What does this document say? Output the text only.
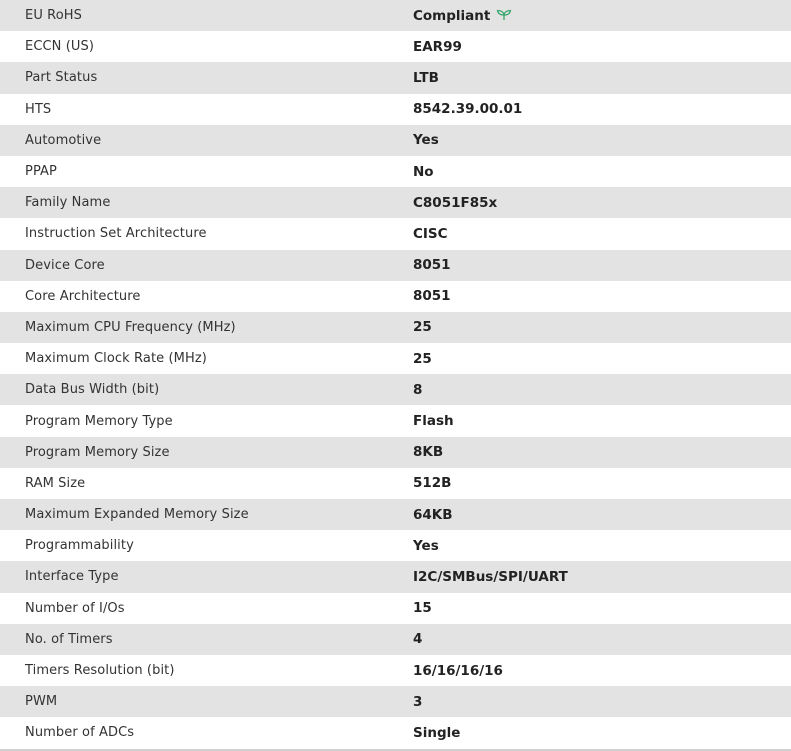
EU RoHS	Compliant
ECCN (US)	EAR99
Part Status	LTB
HTS	8542.39.00.01
Automotive	Yes
PPAP	No
Family Name	C8051F85x
Instruction Set Architecture	CISC
Device Core	8051
Core Architecture	8051
Maximum CPU Frequency (MHz)	25
Maximum Clock Rate (MHz)	25
Data Bus Width (bit)	8
Program Memory Type	Flash
Program Memory Size	8KB
RAM Size	512B
Maximum Expanded Memory Size	64KB
Programmability	Yes
Interface Type	I2C/SMBus/SPI/UART
Number of I/Os	15
No. of Timers	4
Timers Resolution (bit)	16/16/16/16
PWM	3
Number of ADCs	Single
